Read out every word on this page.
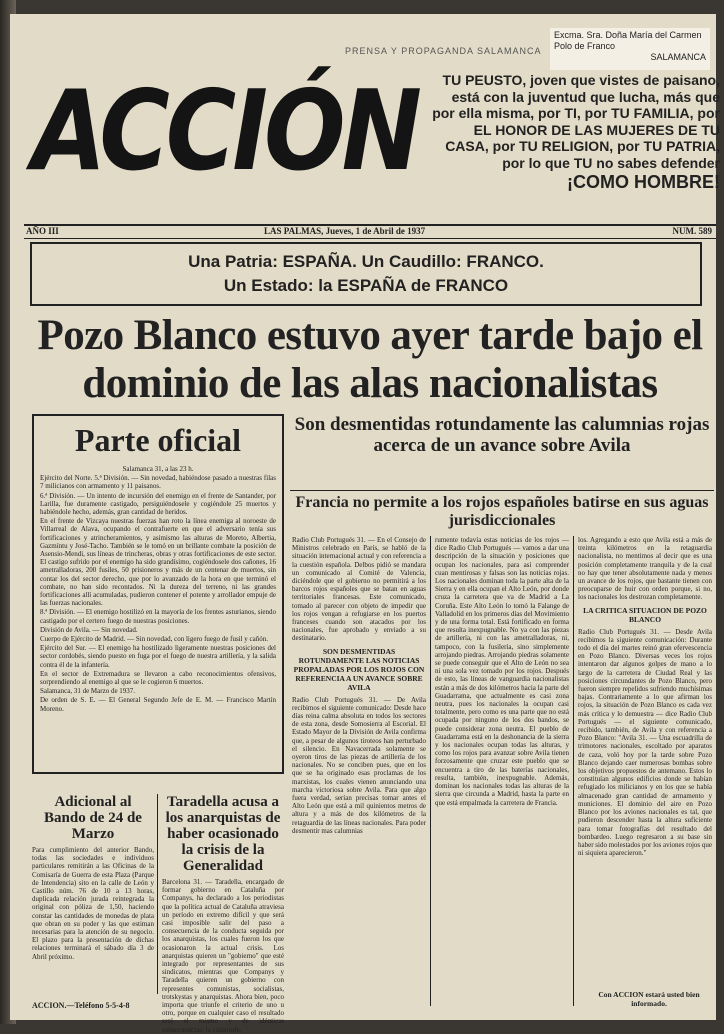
PRENSA Y PROPAGANDA SALAMANCA
Excma. Sra. Doña María del Carmen
Polo de Franco
SALAMANCA
ACCIÓN	TU PEUSTO, joven que vistes de paisano, está con la juventud que lucha, más que por ella misma, por TI, por TU FAMILIA, por EL HONOR DE LAS MUJERES DE TU CASA, por TU RELIGION, por TU PATRIA, por lo que TU no sabes defender
¡COMO HOMBRE!
AÑO III	LAS PALMAS, Jueves, 1 de Abril de 1937	NUM. 589
Una Patria: ESPAÑA. Un Caudillo: FRANCO.
Un Estado: la ESPAÑA de FRANCO
Pozo Blanco estuvo ayer tarde bajo el dominio de las alas nacionalistas
Parte oficial

Salamanca 31, a las 23 h.

Ejército del Norte. 5.ª División. — Sin novedad, habiéndose pasado a nuestras filas 7 milicianos con armamento y 11 paisanos.

6.ª División. — Un intento de incursión del enemigo en el frente de Santander, por Larilla, fue duramente castigado, persiguiéndosele y cogiéndole 25 muertos y habiéndole hecho, además, gran cantidad de heridos.

En el frente de Vizcaya nuestras fuerzas han roto la línea enemiga al noroeste de Villarreal de Alava, ocupando el contrafuerte en que el adversario tenía sus fortificaciones y atrincheramientos, y asimismo las alturas de Moreto, Albertia, Gazmíntu y José-Tacho. También se le tomó en un brillante combate la posición de Asensio-Mendi, sus líneas de trincheras, obras y otras fortificaciones de este sector. El castigo sufrido por el enemigo ha sido grandísimo, cogiéndosele dos cañones, 16 ametralladoras, 200 fusiles, 50 prisioneros y más de un centenar de muertos, sin contar los del sector derecho, que por lo avanzado de la hora en que terminó el combate, no han sido recontados. Ni la dureza del terreno, ni las grandes fortificaciones allí acumuladas, pudieron contener el potente y arrollador empuje de las fuerzas nacionales.

8.ª División. — El enemigo hostilizó en la mayoría de los frentes asturianos, siendo castigado por el certero fuego de nuestras posiciones.

División de Avila. — Sin novedad.

Cuerpo de Ejército de Madrid. — Sin novedad, con ligero fuego de fusil y cañón.

Ejército del Sur. — El enemigo ha hostilizado ligeramente nuestras posiciones del sector cordobés, siendo puesto en fuga por el fuego de nuestra artillería, y la salida contra él de la infantería.

En el sector de Extremadura se llevaron a cabo reconocimientos ofensivos, sorprendiendo al enemigo al que se le cogieron 6 muertos.

Salamanca, 31 de Marzo de 1937.

De orden de S. E. — El General Segundo Jefe de E. M. — Francisco Martín Moreno.

Son desmentidas rotundamente las calumnias rojas acerca de un avance sobre Avila
Francia no permite a los rojos españoles batirse en sus aguas jurisdiccionales
Radio Club Portugués 31. — En el Consejo de Ministros celebrado en París, se habló de la situación internacional actual y con referencia a la cuestión española. Delbos pidió se mandara un comunicado al Comité de Valencia, diciéndole que el gobierno no permitirá a los barcos rojos españoles que se batan en aguas territoriales francesas. Este comunicado, tomado al parecer con objeto de impedir que los rojos vengan a refugiarse en los puertos franceses cuando son atacados por los nacionales, fue aprobado y enviado a su destinatario.
SON DESMENTIDAS ROTUNDAMENTE LAS NOTICIAS PROPALADAS POR LOS ROJOS CON REFERENCIA A UN AVANCE SOBRE AVILA
Radio Club Portugués 31. — De Avila recibimos el siguiente comunicado: Desde hace días reina calma absoluta en todos los sectores de esta zona, desde Somosierra al Escorial. El Estado Mayor de la División de Avila confirma que, a pesar de algunos tiroteos han perturbado el silencio. En Navacerrada solamente se oyeron tiros de las piezas de artillería de los nacionales. No se conciben pues, que en los que se ha originado esas proclamas de los marxistas, los cuales vienen anunciando una marcha victoriosa sobre Avila. Para que algo fuera verdad, serían precisas tomar antes el Alto León que está a mil quinientos metros de altura y a más de dos kilómetros de la retaguardia de las líneas nacionales. Para poder desmentir mas calumnias
rumente todavía estas noticias de los rojos — dice Radio Club Portugués — vamos a dar una descripción de la situación y posiciones que ocupan los nacionales, para así comprender cuan mentirosas y falsas son las noticias rojas. Los nacionales dominan toda la parte alta de la Sierra y en ella ocupan el Alto León, por donde cruza la carretera que va de Madrid a La Coruña. Este Alto León lo tomó la Falange de Valladolid en los primeros días del Movimiento y de una forma total. Está fortificado en forma que resulta inexpugnable. No ya con las piezas de artillería, ni con las ametralladoras, ni, tampoco, con la fusilería, sino simplemente arrojando piedras. Arrojando piedras solamente se puede conseguir que el Alto de León no sea ni una sola vez tomado por los rojos. Después de esto, las líneas de vanguardia nacionalistas están a más de dos kilómetros hacia la parte del Guadarrama, que actualmente es casi zona neutra, pues los nacionales la ocupan casi totalmente, pero como es una parte que no está ocupada por ninguno de los dos bandos, se puede considerar zona neutra. El pueblo de Guadarrama está en la deshonancia de la sierra y los nacionales ocupan todas las alturas, y como los rojos para avanzar sobre Avila tienen forzosamente que cruzar este pueblo que se encuentra a tiro de las baterías nacionales, resulta, también, inexpugnable. Además, dominan los nacionales todas las alturas de la sierra que circunda a Madrid, hasta la parte en que está empalmada la carretera de Francia.
los. Agregando a esto que Avila está a más de treinta kilómetros en la retaguardia nacionalista, no mentimos al decir que es una posición completamente tranquila y de la cual no hay que tener absolutamente nada y menos un avance de los rojos, que bastante tienen con preocuparse de huir con orden porque, si no, los nacionales los destrozan completamente.
LA CRITICA SITUACION DE POZO BLANCO
Radio Club Portugués 31. — Desde Avila recibimos la siguiente comunicación: Durante todo el día del martes reinó gran efervescencia en Pozo Blanco. Diversas veces los rojos intentaron dar algunos golpes de mano a lo largo de la carretera de Ciudad Real y las posiciones circundantes de Pozo Blanco, pero fueron siempre repelidos sufriendo muchísimas bajas. Contrariamente a lo que afirman los rojos, la situación de Pozo Blanco es cada vez más crítica y lo demuestra — dice Radio Club Portugués — el siguiente comunicado, recibido, también, de Avila y con referencia a Pozo Blanco: "Avila 31. — Una escuadrilla de trimotores nacionales, escoltado por aparatos de caza, voló hoy por la tarde sobre Pozo Blanco dejando caer numerosas bombas sobre los objetivos propuestos de antemano. Estos lo constituían algunos edificios donde se habían refugiado los milicianos y en los que se había almacenado gran cantidad de armamento y municiones. El dominio del aire en Pozo Blanco por los aviones nacionales es tal, que pudieron descender hasta la altura suficiente para tomar fotografías del resultado del bombardeo. Luego regresaron a su base sin haber sido molestados por los aviones rojos que ni siquiera aparecieron."
Adicional al Bando de 24 de Marzo
Para cumplimiento del anterior Bando, todas las sociedades e individuos particulares remitirán a las Oficinas de la Comisaría de Guerra de esta Plaza (Parque de Intendencia) sito en la calle de León y Castillo núm. 76 de 10 a 13 horas, duplicada relación jurada reintegrada la original con póliza de 1,50, haciendo constar las cantidades de monedas de plata que obran en su poder y las que estiman necesarias para la atención de su negocio. El plazo para la presentación de dichas relaciones terminará el sábado día 3 de Abril próximo.
Taradella acusa a los anarquistas de haber ocasionado la crisis de la Generalidad
Barcelona 31. — Taradella, encargado de formar gobierno en Cataluña por Companys, ha declarado a los periodistas que la política actual de Cataluña atraviesa un período en extremo difícil y que será casi imposible salir del paso a consecuencia de la conducta seguida por los anarquistas, los cuales fueron los que ocasionaron la actual crisis. Los anarquistas quieren un "gobierno" que esté integrado por representantes de sus sindicatos, mientras que Companys y Taradella quieren un gobierno con representes comunistas, socialistas, trotskystas y anarquistas. Ahora bien, poco importa que triunfe el criterio de uno u otro, porque en cualquier caso el resultado será el mismo y de idénticas consecuencias: la catástrofe.
ACCION.—Teléfono 5-5-4-8
Con ACCION estará usted bien informado.
